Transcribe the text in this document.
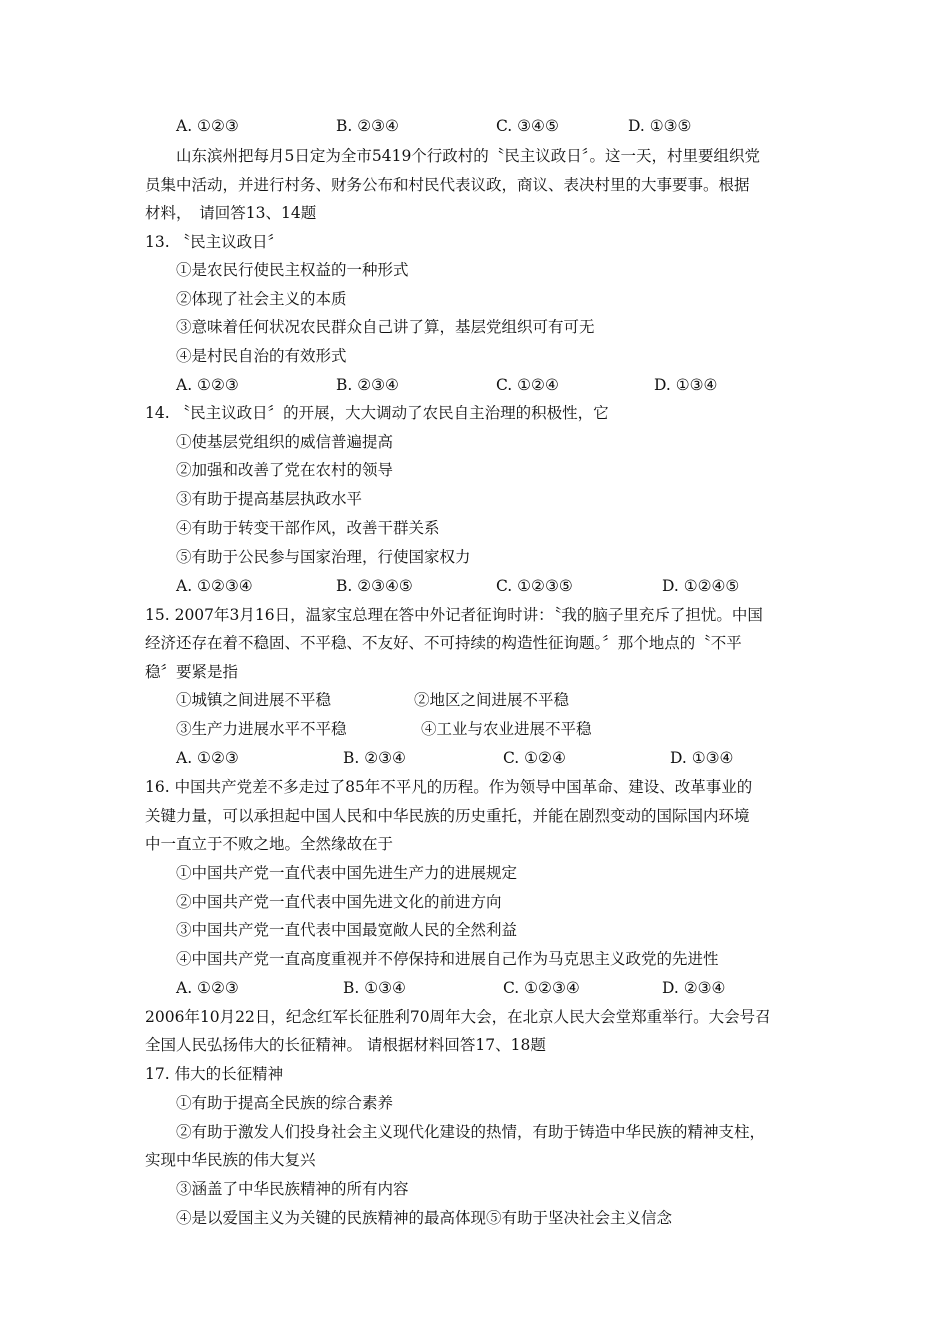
A. ①②③	B. ②③④	C. ③④⑤	D. ①③⑤
山东滨州把每月5日定为全市5419个行政村的〝民主议政日〞。这一天，村里要组织党
员集中活动，并进行村务、财务公布和村民代表议政，商议、表决村里的大事要事。根据
材料，　请回答13、14题
13. 〝民主议政日〞
①是农民行使民主权益的一种形式
②体现了社会主义的本质
③意味着任何状况农民群众自己讲了算，基层党组织可有可无
④是村民自治的有效形式
A. ①②③	B. ②③④	C. ①②④	D. ①③④
14. 〝民主议政日〞的开展，大大调动了农民自主治理的积极性，它
①使基层党组织的威信普遍提高
②加强和改善了党在农村的领导
③有助于提高基层执政水平
④有助于转变干部作风，改善干群关系
⑤有助于公民参与国家治理，行使国家权力
A. ①②③④	B. ②③④⑤	C. ①②③⑤	D. ①②④⑤
15. 2007年3月16日，温家宝总理在答中外记者征询时讲：〝我的脑子里充斥了担忧。中国
经济还存在着不稳固、不平稳、不友好、不可持续的构造性征询题。〞那个地点的〝不平
稳〞要紧是指
①城镇之间进展不平稳	②地区之间进展不平稳
③生产力进展水平不平稳	④工业与农业进展不平稳
A. ①②③	B. ②③④	C. ①②④	D. ①③④
16. 中国共产党差不多走过了85年不平凡的历程。作为领导中国革命、建设、改革事业的
关键力量，可以承担起中国人民和中华民族的历史重托，并能在剧烈变动的国际国内环境
中一直立于不败之地。全然缘故在于
①中国共产党一直代表中国先进生产力的进展规定
②中国共产党一直代表中国先进文化的前进方向
③中国共产党一直代表中国最宽敞人民的全然利益
④中国共产党一直高度重视并不停保持和进展自己作为马克思主义政党的先进性
A. ①②③	B. ①③④	C. ①②③④	D. ②③④
2006年10月22日，纪念红军长征胜利70周年大会，在北京人民大会堂郑重举行。大会号召
全国人民弘扬伟大的长征精神。 请根据材料回答17、18题
17. 伟大的长征精神
①有助于提高全民族的综合素养
②有助于激发人们投身社会主义现代化建设的热情，有助于铸造中华民族的精神支柱，
实现中华民族的伟大复兴
③涵盖了中华民族精神的所有内容
④是以爱国主义为关键的民族精神的最高体现⑤有助于坚决社会主义信念
